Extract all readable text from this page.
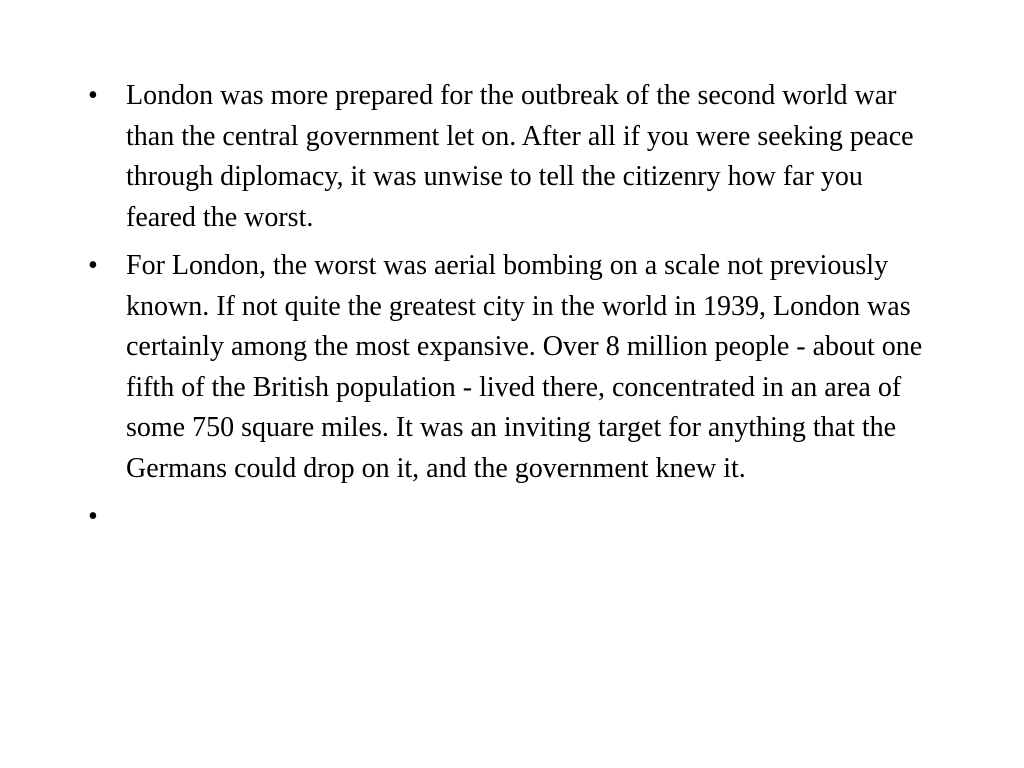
•	London was more prepared for the outbreak of the second world war than the central government let on. After all if you were seeking peace through diplomacy, it was unwise to tell the citizenry how far you feared the worst.
•	For London, the worst was aerial bombing on a scale not previously known. If not quite the greatest city in the world in 1939, London was certainly among the most expansive. Over 8 million people - about one fifth of the British population - lived there, concentrated in an area of some 750 square miles. It was an inviting target for anything that the Germans could drop on it, and the government knew it.
•
